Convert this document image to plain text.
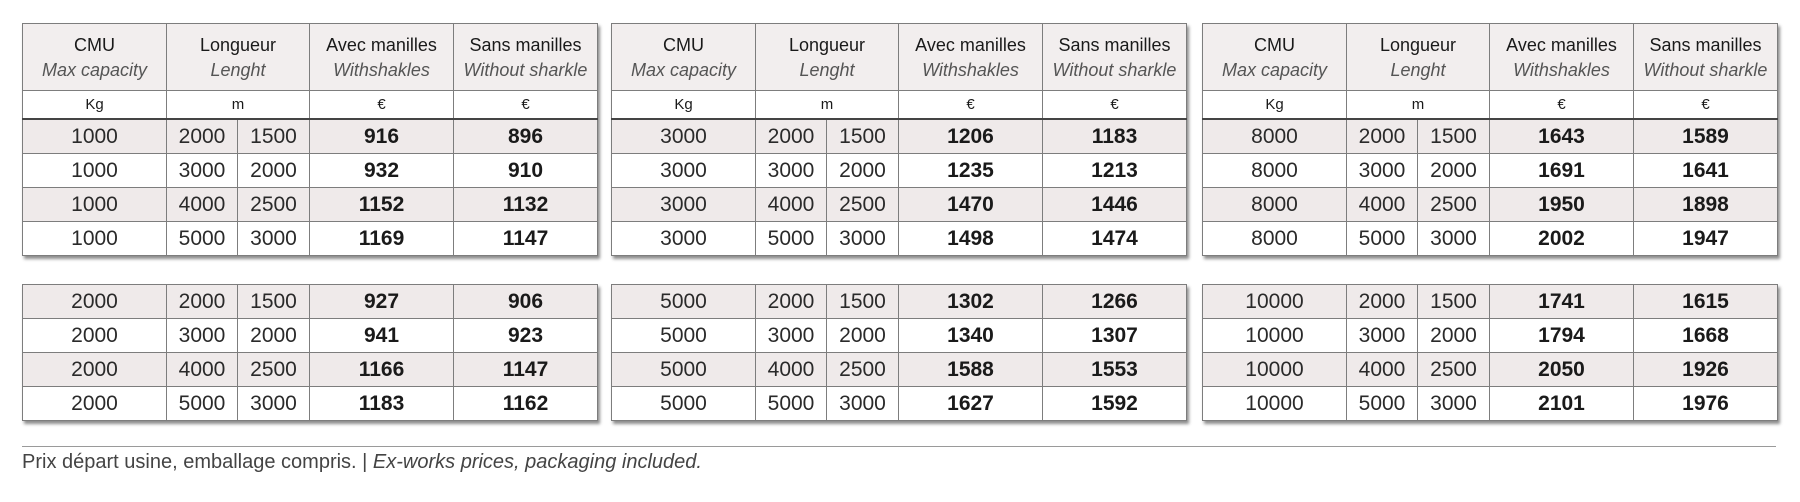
CMU	Longueur		Avec manilles	Sans manilles
Max capacity	Lenght		Withshakles	Without sharkle
Kg	m		€	€
1000	2000	1500	916	896
1000	3000	2000	932	910
1000	4000	2500	1152	1132
1000	5000	3000	1169	1147
CMU	Longueur		Avec manilles	Sans manilles
Max capacity	Lenght		Withshakles	Without sharkle
Kg	m		€	€
3000	2000	1500	1206	1183
3000	3000	2000	1235	1213
3000	4000	2500	1470	1446
3000	5000	3000	1498	1474
CMU	Longueur		Avec manilles	Sans manilles
Max capacity	Lenght		Withshakles	Without sharkle
Kg	m		€	€
8000	2000	1500	1643	1589
8000	3000	2000	1691	1641
8000	4000	2500	1950	1898
8000	5000	3000	2002	1947
2000	2000	1500	927	906
2000	3000	2000	941	923
2000	4000	2500	1166	1147
2000	5000	3000	1183	1162
5000	2000	1500	1302	1266
5000	3000	2000	1340	1307
5000	4000	2500	1588	1553
5000	5000	3000	1627	1592
10000	2000	1500	1741	1615
10000	3000	2000	1794	1668
10000	4000	2500	2050	1926
10000	5000	3000	2101	1976
Prix départ usine, emballage compris. | Ex-works prices, packaging included.
